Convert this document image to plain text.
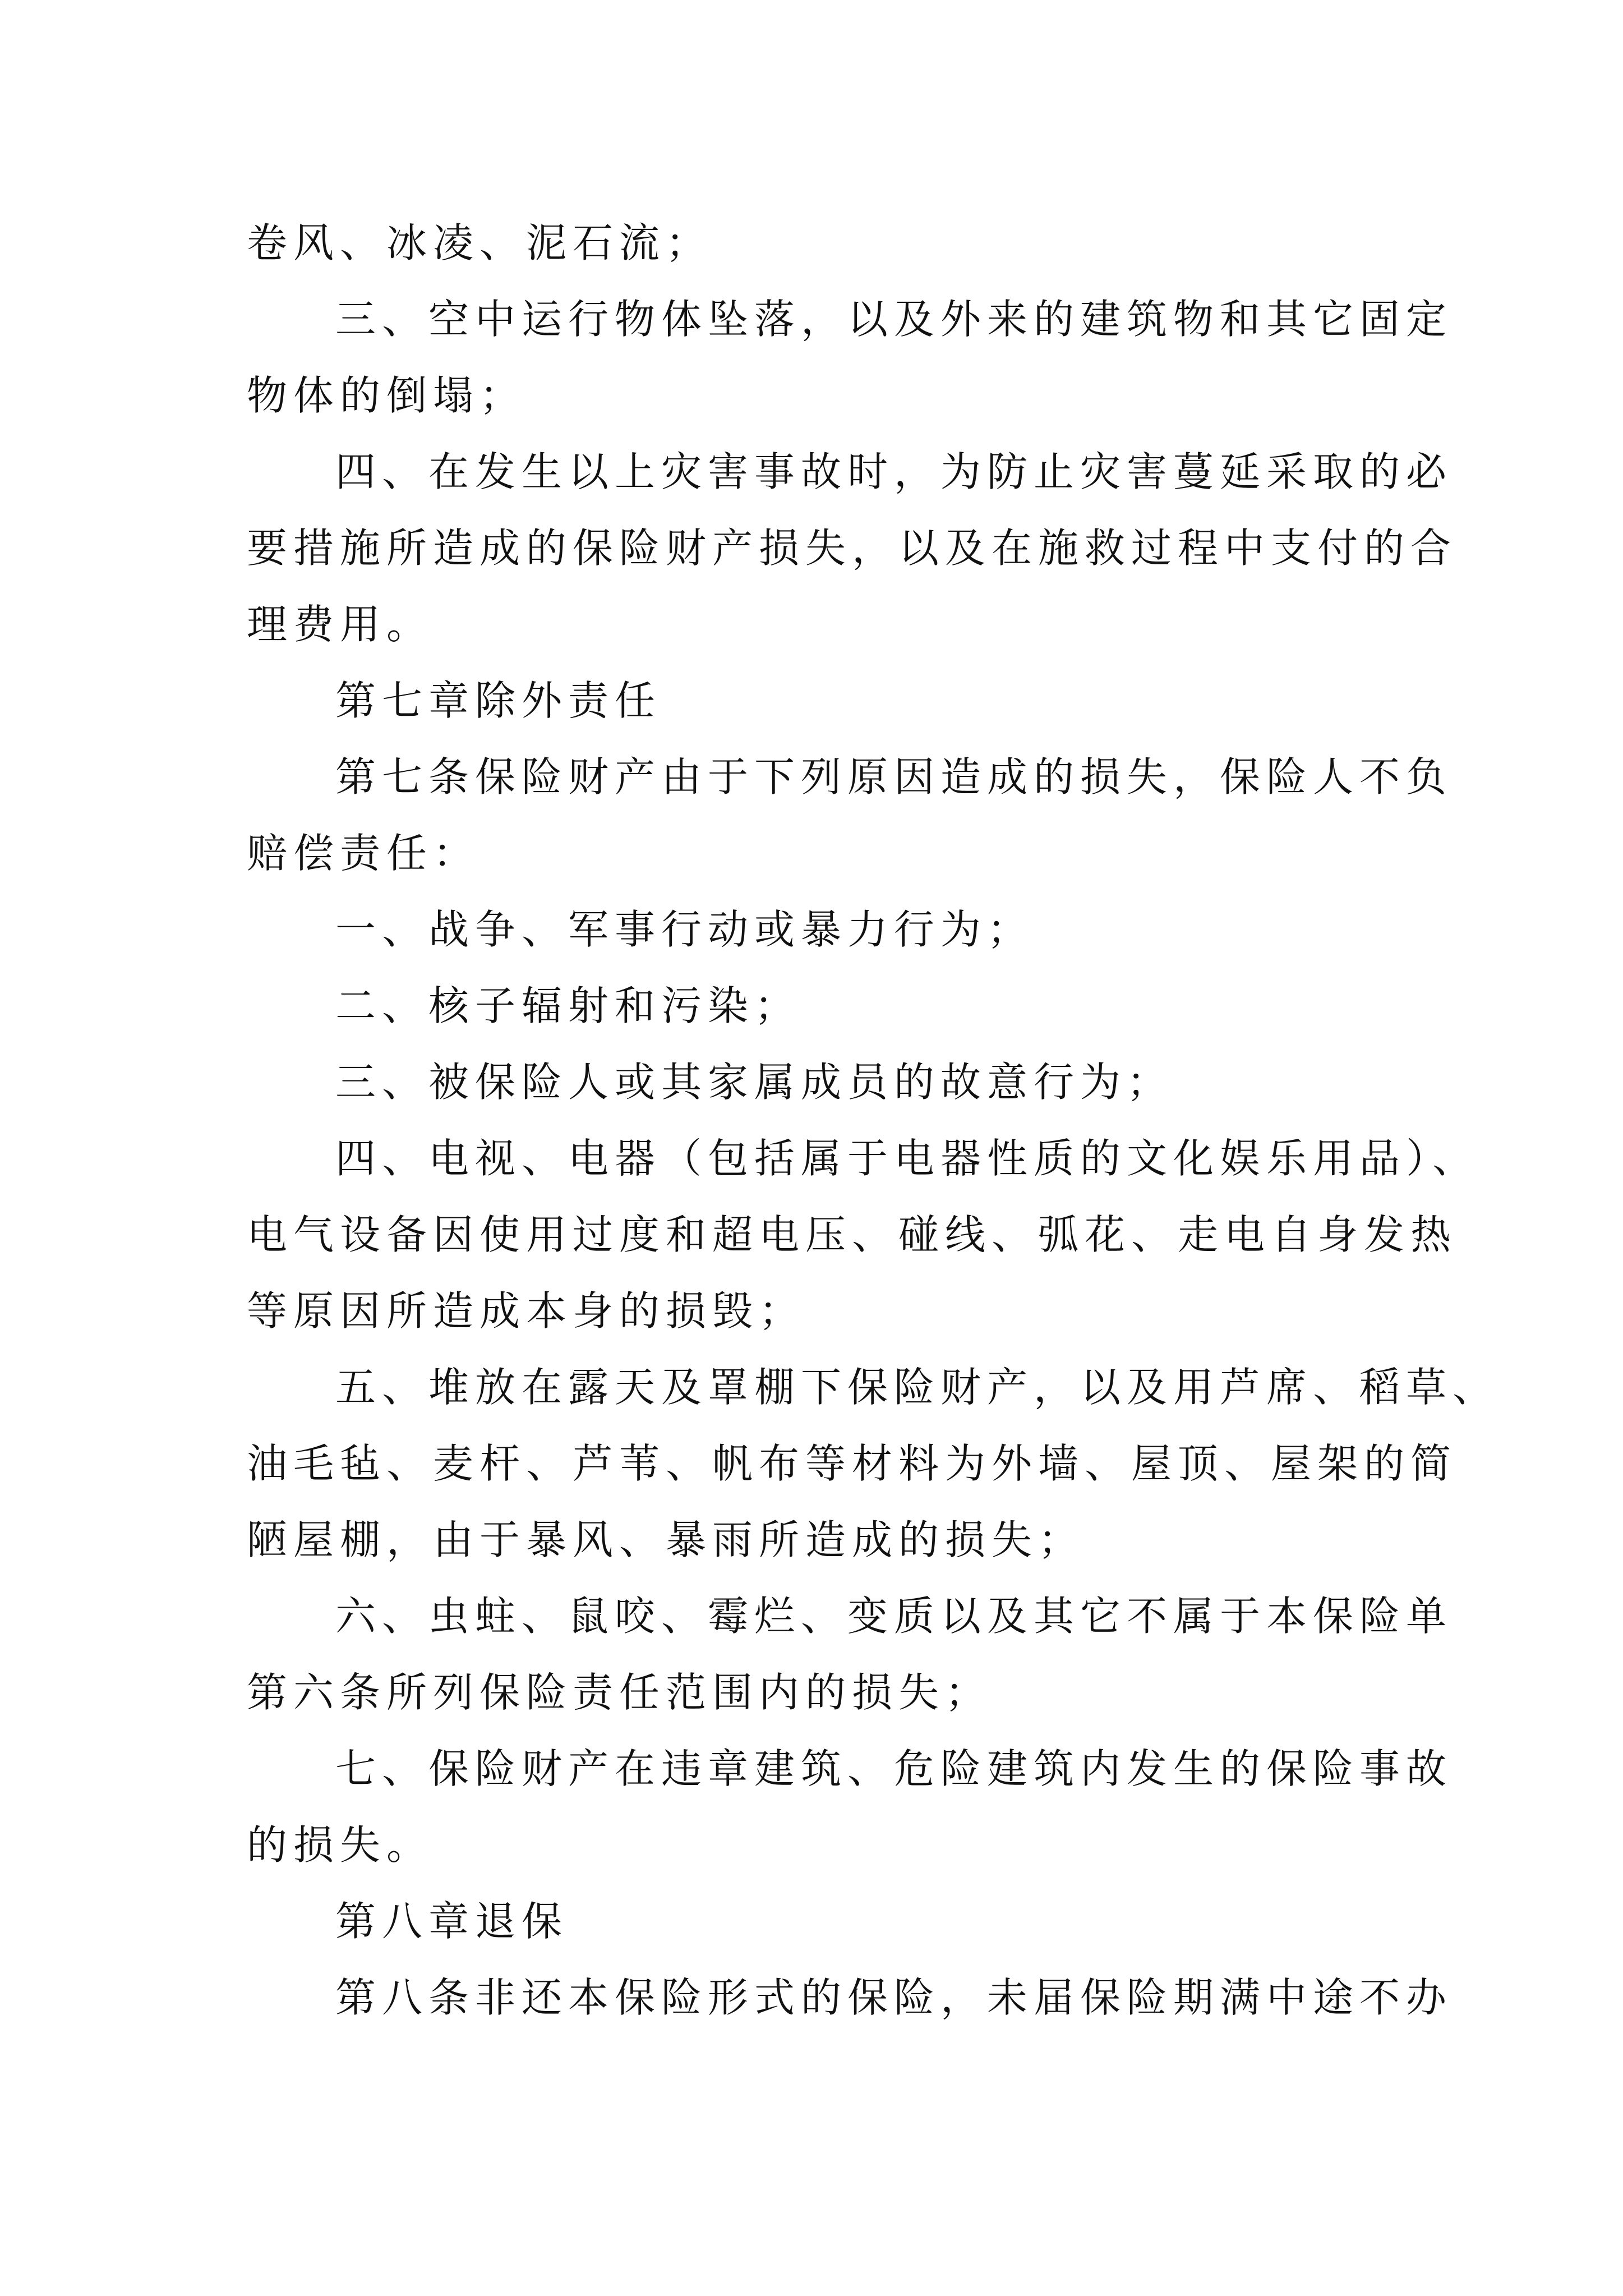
卷风、冰凌、泥石流；
三、空中运行物体坠落，以及外来的建筑物和其它固定
物体的倒塌；
四、在发生以上灾害事故时，为防止灾害蔓延采取的必
要措施所造成的保险财产损失，以及在施救过程中支付的合
理费用。
第七章除外责任
第七条保险财产由于下列原因造成的损失，保险人不负
赔偿责任：
一、战争、军事行动或暴力行为；
二、核子辐射和污染；
三、被保险人或其家属成员的故意行为；
四、电视、电器（包括属于电器性质的文化娱乐用品）、
电气设备因使用过度和超电压、碰线、弧花、走电自身发热
等原因所造成本身的损毁；
五、堆放在露天及罩棚下保险财产，以及用芦席、稻草、
油毛毡、麦杆、芦苇、帆布等材料为外墙、屋顶、屋架的简
陋屋棚，由于暴风、暴雨所造成的损失；
六、虫蛀、鼠咬、霉烂、变质以及其它不属于本保险单
第六条所列保险责任范围内的损失；
七、保险财产在违章建筑、危险建筑内发生的保险事故
的损失。
第八章退保
第八条非还本保险形式的保险，未届保险期满中途不办
